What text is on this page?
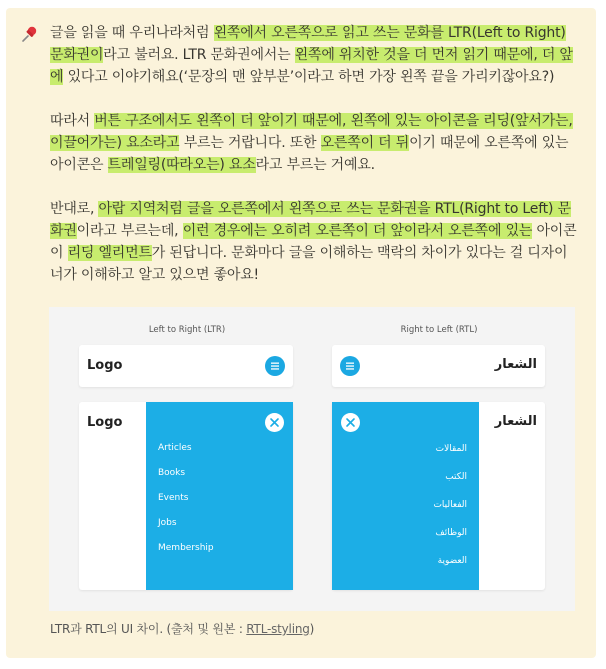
글을 읽을 때 우리나라처럼 왼쪽에서 오른쪽으로 읽고 쓰는 문화를 LTR(Left to Right) 문화권이라고 불러요. LTR 문화권에서는 왼쪽에 위치한 것을 더 먼저 읽기 때문에, 더 앞에 있다고 이야기해요(‘문장의 맨 앞부분’이라고 하면 가장 왼쪽 끝을 가리키잖아요?)

따라서 버튼 구조에서도 왼쪽이 더 앞이기 때문에, 왼쪽에 있는 아이콘을 리딩(앞서가는, 이끌어가는) 요소라고 부르는 거랍니다. 또한 오른쪽이 더 뒤이기 때문에 오른쪽에 있는 아이콘은 트레일링(따라오는) 요소라고 부르는 거예요.

반대로, 아랍 지역처럼 글을 오른쪽에서 왼쪽으로 쓰는 문화권을 RTL(Right to Left) 문화권이라고 부르는데, 이런 경우에는 오히려 오른쪽이 더 앞이라서 오른쪽에 있는 아이콘이 리딩 엘리먼트가 된답니다. 문화마다 글을 이해하는 맥락의 차이가 있다는 걸 디자이너가 이해하고 알고 있으면 좋아요!

Left to Right (LTR)
Logo
Logo
Articles
Books
Events
Jobs
Membership
Right to Left (RTL)
الشعار
المقالات
الكتب
الفعاليات
الوظائف
العضوية
الشعار
LTR과 RTL의 UI 차이. (출처 및 원본 : RTL-styling)
